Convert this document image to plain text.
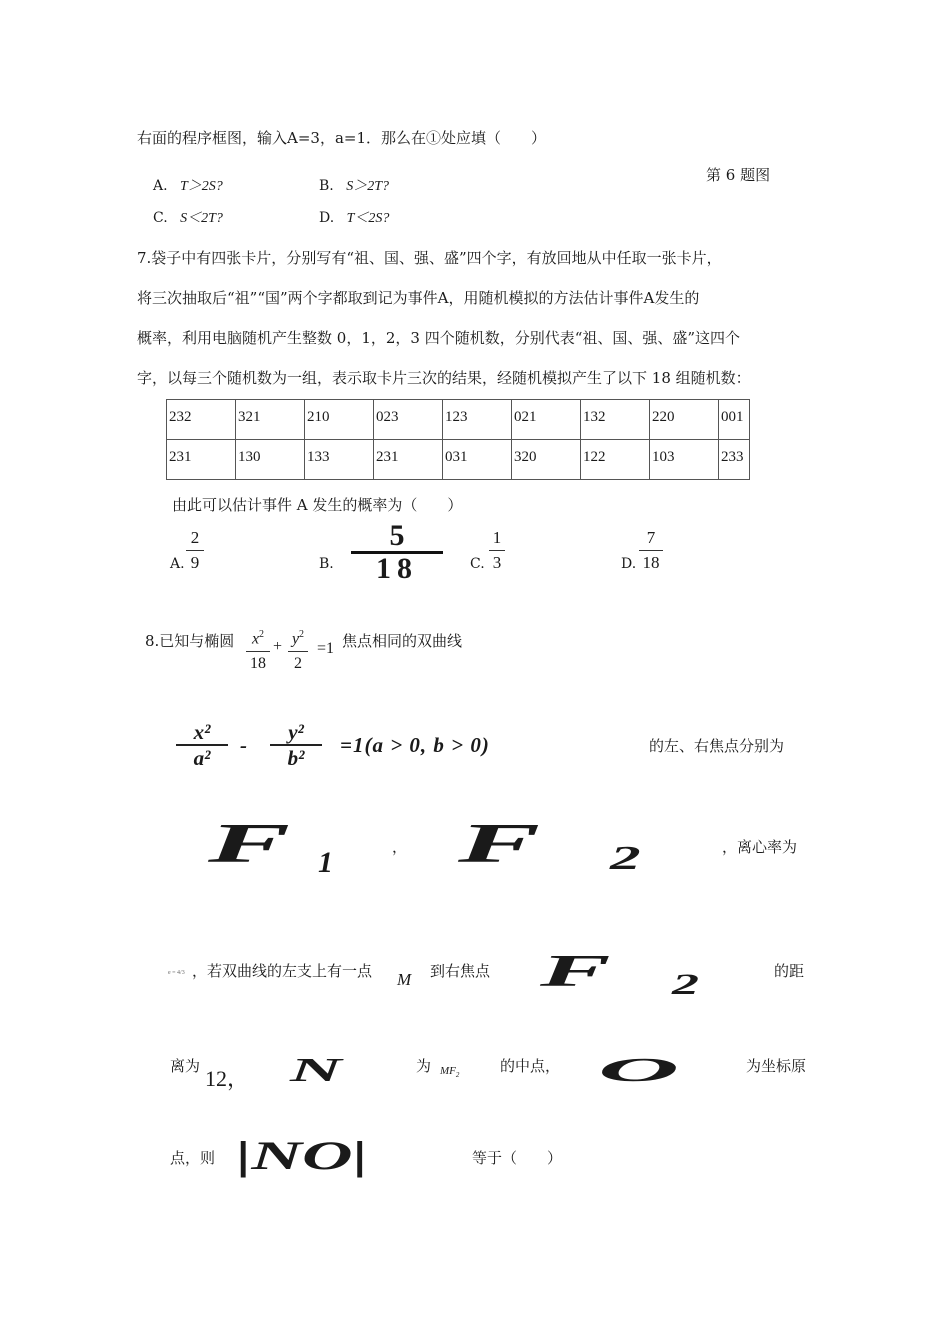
右面的程序框图，输入A=3，a=1．那么在①处应填（　　）
第 6 题图
A. T＞2S?	B. S＞2T?
C. S＜2T?	D. T＜2S?
7.袋子中有四张卡片，分别写有“祖、国、强、盛”四个字，有放回地从中任取一张卡片，
将三次抽取后“祖”“国”两个字都取到记为事件A，用随机模拟的方法估计事件A发生的
概率，利用电脑随机产生整数 0，1，2，3 四个随机数，分别代表“祖、国、强、盛”这四个
字，以每三个随机数为一组，表示取卡片三次的结果，经随机模拟产生了以下 18 组随机数：
232	321	210	023	123	021	132	220	001
231	130	133	231	031	320	122	103	233
由此可以估计事件 A 发生的概率为（　　）
A.
2
9	B.
5
18	C.
1
3	D.
7
18
8.已知与椭圆	$x^2$
18
+ $y^2$
2
=1 焦点相同的双曲线
x²
a²
-
y²
b²
=1(a > 0, b > 0)	的左、右焦点分别为
F 1	， F 2	，离心率为
e = 4/3 ，若双曲线的左支上有一点 M 到右焦点 F 2	的距
离为 12， N	为 $MF_2$
的中点， O	为坐标原
点，则 |NO|	等于（　　）
